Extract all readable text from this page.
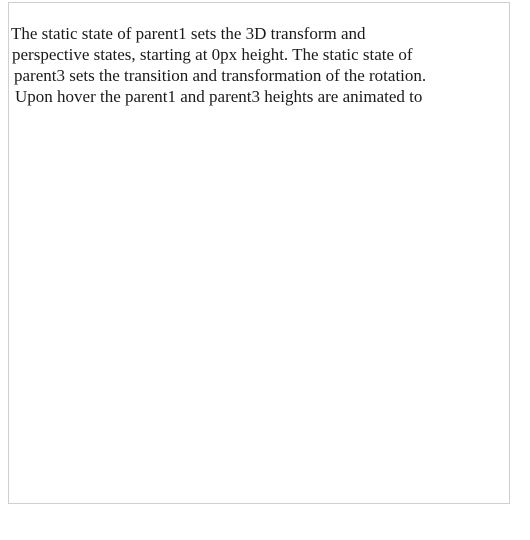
The static state of parent1 sets the 3D transform and
perspective states, starting at 0px height. The static state of
parent3 sets the transition and transformation of the rotation.
Upon hover the parent1 and parent3 heights are animated to
